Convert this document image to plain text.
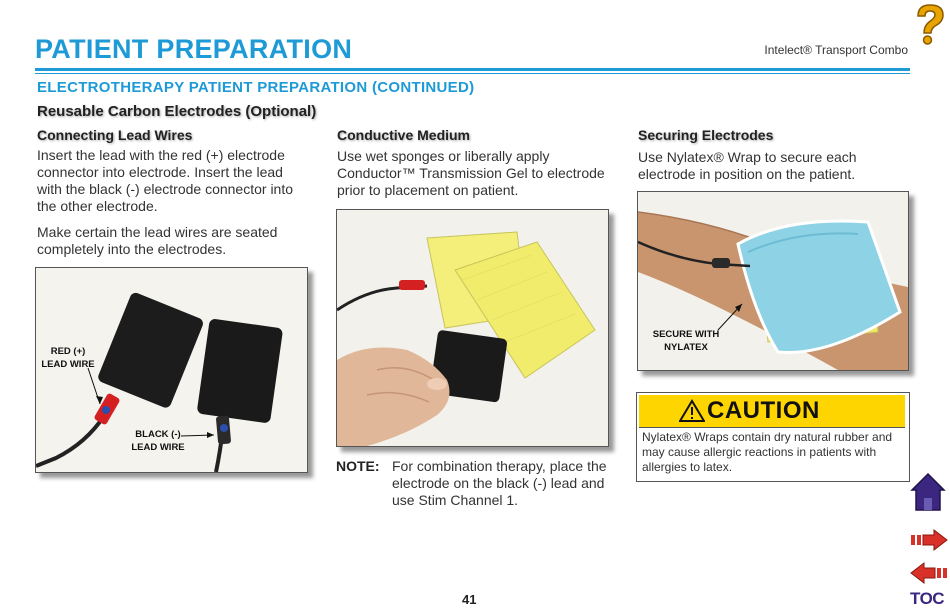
PATIENT PREPARATION	Intelect® Transport Combo
ELECTROTHERAPY PATIENT PREPARATION (CONTINUED)
Reusable Carbon Electrodes (Optional)
Connecting Lead Wires
Insert the lead with the red (+) electrode connector into electrode. Insert the lead with the black (-) electrode connector into the other electrode.
Make certain the lead wires are seated completely into the electrodes.
RED (+)
LEAD WIRE
BLACK (-)
LEAD WIRE
Conductive Medium
Use wet sponges or liberally apply Conductor™ Transmission Gel to electrode prior to placement on patient.
NOTE: For combination therapy, place the electrode on the black (-) lead and use Stim Channel 1.
Securing Electrodes
Use Nylatex® Wrap to secure each electrode in position on the patient.
SECURE WITH
NYLATEX
CAUTION
Nylatex® Wraps contain dry natural rubber and may cause allergic reactions in patients with allergies to latex.
TOC
41
